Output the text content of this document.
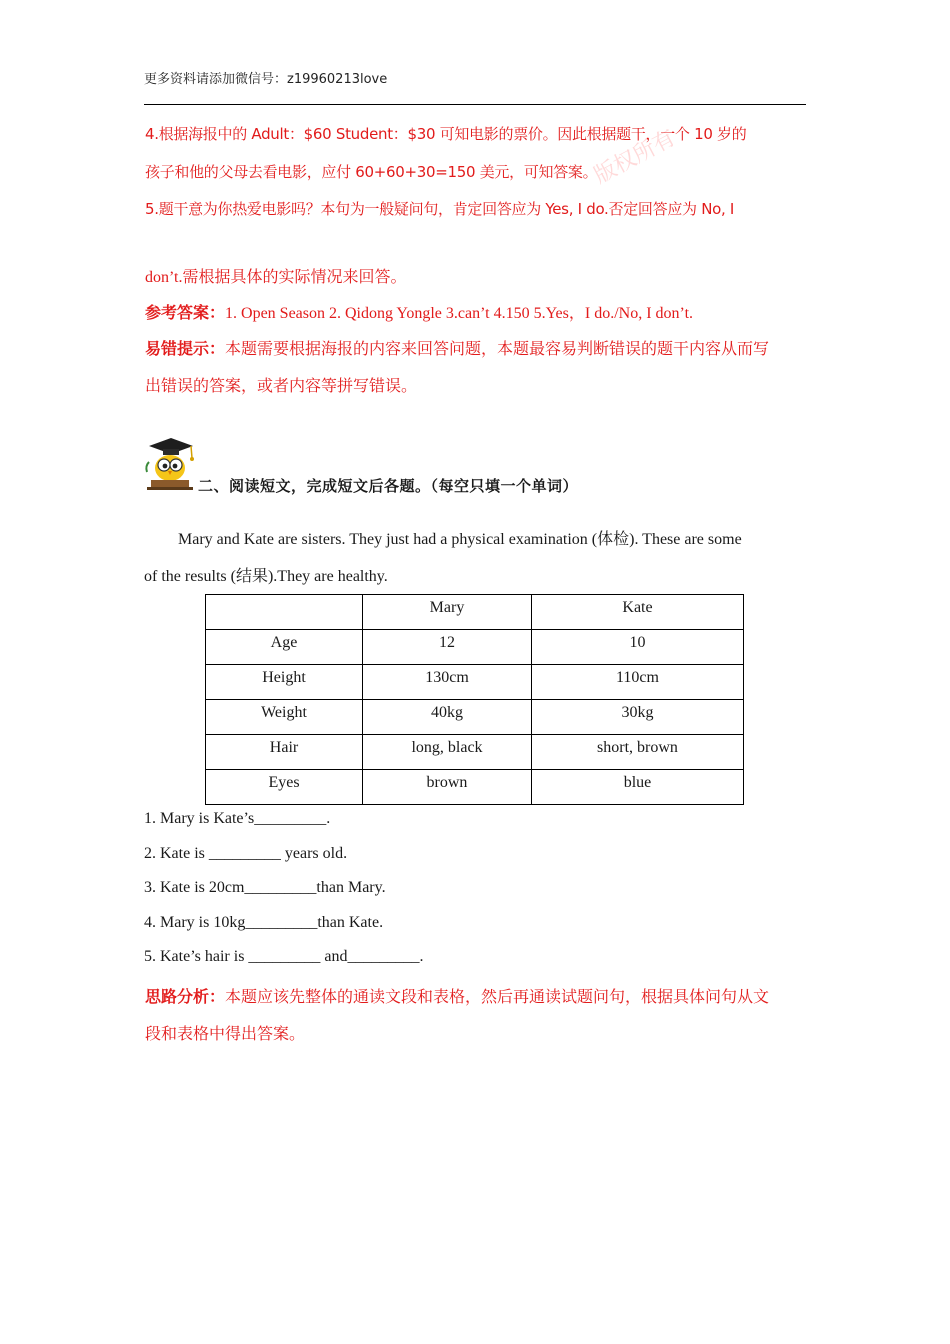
更多资料请添加微信号：z19960213love
版权所有
4.根据海报中的 Adult：$60 Student：$30 可知电影的票价。因此根据题干，一个 10 岁的
孩子和他的父母去看电影，应付 60+60+30=150 美元，可知答案。
5.题干意为你热爱电影吗？本句为一般疑问句，肯定回答应为 Yes, I do.否定回答应为 No, I
don’t.需根据具体的实际情况来回答。
参考答案：1. Open Season 2. Qidong Yongle 3.can’t 4.150 5.Yes，I do./No, I don’t.
易错提示：本题需要根据海报的内容来回答问题，本题最容易判断错误的题干内容从而写
出错误的答案，或者内容等拼写错误。
二、阅读短文，完成短文后各题。（每空只填一个单词）
Mary and Kate are sisters. They just had a physical examination (体检). These are some
of the results (结果).They are healthy.
	Mary	Kate
Age	12	10
Height	130cm	110cm
Weight	40kg	30kg
Hair	long, black	short, brown
Eyes	brown	blue
1. Mary is Kate’s_________.
2. Kate is _________ years old.
3. Kate is 20cm_________than Mary.
4. Mary is 10kg_________than Kate.
5. Kate’s hair is _________ and_________.
思路分析：本题应该先整体的通读文段和表格，然后再通读试题问句，根据具体问句从文
段和表格中得出答案。
